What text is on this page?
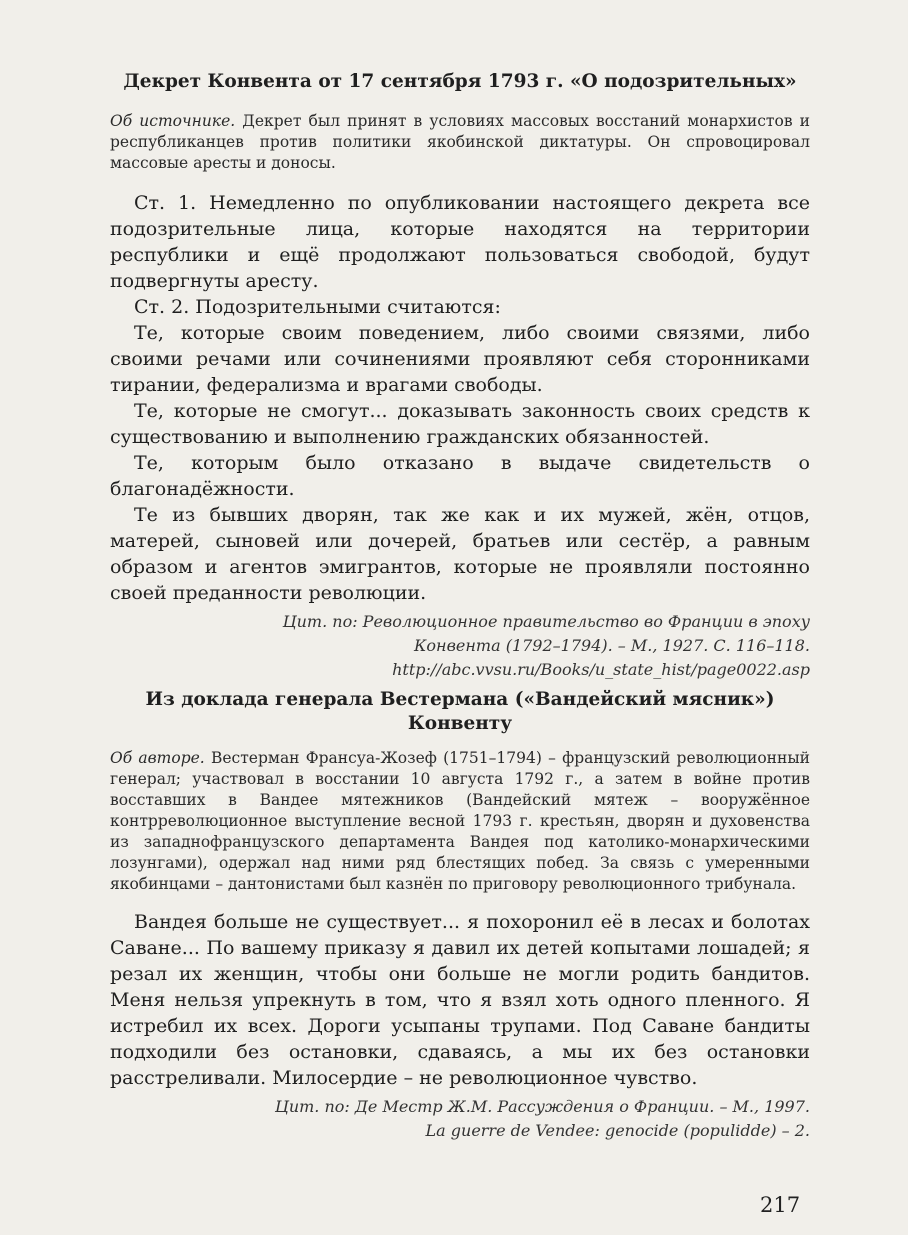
Декрет Конвента от 17 сентября 1793 г. «О подозрительных»
Об источнике. Декрет был принят в условиях массовых восстаний монархистов и республиканцев против политики якобинской диктатуры. Он спровоцировал массовые аресты и доносы.

Ст. 1. Немедленно по опубликовании настоящего декрета все подозрительные лица, которые находятся на территории республики и ещё продолжают пользоваться свободой, будут подвергнуты аресту.

Ст. 2. Подозрительными считаются:

Те, которые своим поведением, либо своими связями, либо своими речами или сочинениями проявляют себя сторонниками тирании, федерализма и врагами свободы.

Те, которые не смогут... доказывать законность своих средств к существованию и выполнению гражданских обязанностей.

Те, которым было отказано в выдаче свидетельств о благонадёжности.

Те из бывших дворян, так же как и их мужей, жён, отцов, матерей, сыновей или дочерей, братьев или сестёр, а равным образом и агентов эмигрантов, которые не проявляли постоянно своей преданности революции.

Цит. по: Революционное правительство во Франции в эпоху
Конвента (1792–1794). – М., 1927. С. 116–118.
http://abc.vvsu.ru/Books/u_state_hist/page0022.asp
Из доклада генерала Вестермана («Вандейский мясник»)
Конвенту
Об авторе. Вестерман Франсуа-Жозеф (1751–1794) – французский революционный генерал; участвовал в восстании 10 августа 1792 г., а затем в войне против восставших в Вандее мятежников (Вандейский мятеж – вооружённое контрреволюционное выступление весной 1793 г. крестьян, дворян и духовенства из западнофранцузского департамента Вандея под католико-монархическими лозунгами), одержал над ними ряд блестящих побед. За связь с умеренными якобинцами – дантонистами был казнён по приговору революционного трибунала.

Вандея больше не существует... я похоронил её в лесах и болотах Саване... По вашему приказу я давил их детей копытами лошадей; я резал их женщин, чтобы они больше не могли родить бандитов. Меня нельзя упрекнуть в том, что я взял хоть одного пленного. Я истребил их всех. Дороги усыпаны трупами. Под Саване бандиты подходили без остановки, сдаваясь, а мы их без остановки расстреливали. Милосердие – не революционное чувство.

Цит. по: Де Местр Ж.М. Рассуждения о Франции. – М., 1997.
La guerre de Vendee: genocide (populidde) – 2.
217
